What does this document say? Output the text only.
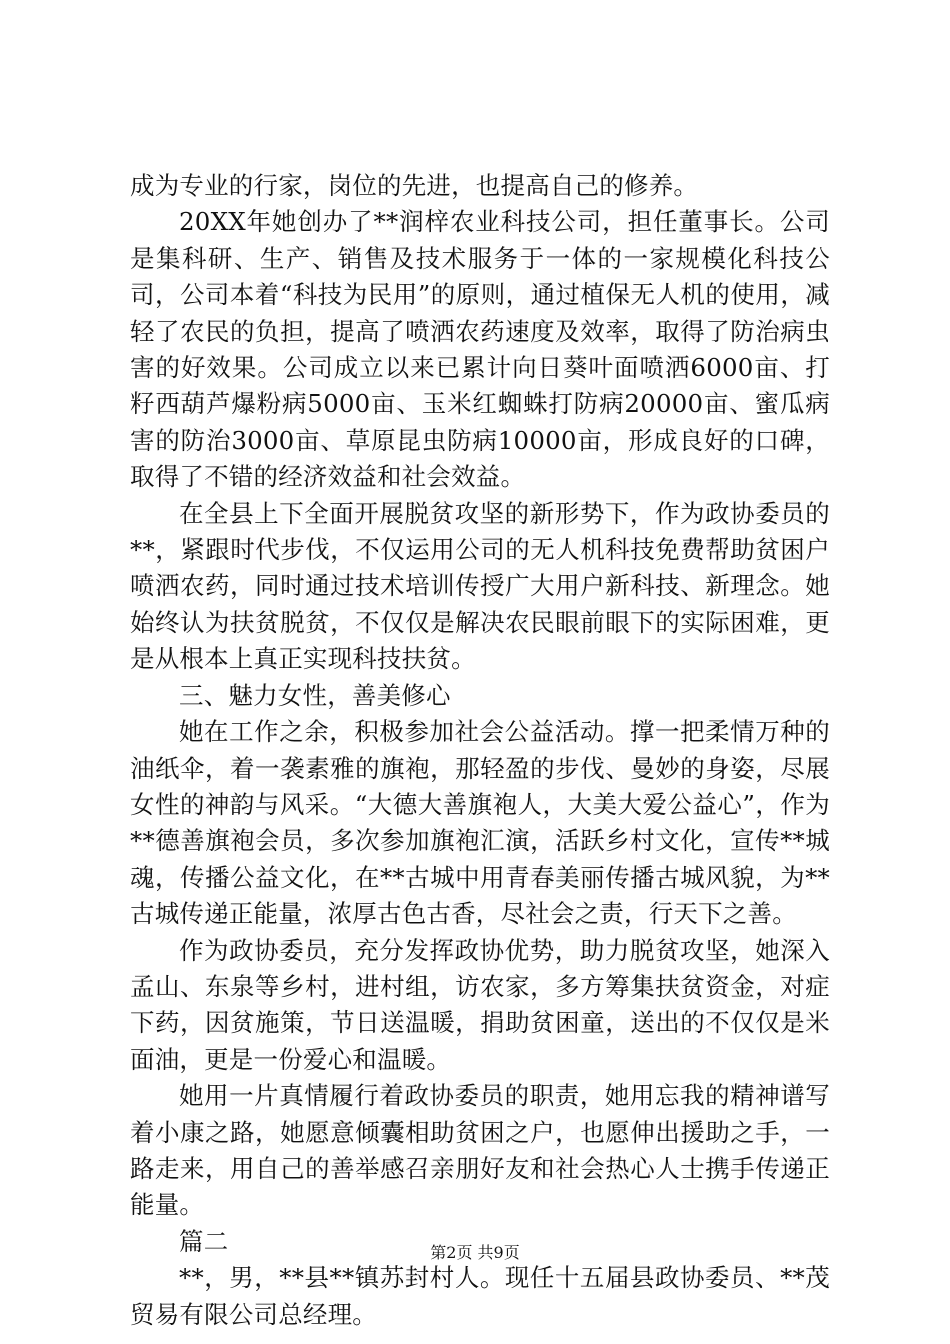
成为专业的行家，岗位的先进，也提高自己的修养。

20XX年她创办了**润梓农业科技公司，担任董事长。公司是集科研、生产、销售及技术服务于一体的一家规模化科技公司，公司本着“科技为民用”的原则，通过植保无人机的使用，减轻了农民的负担，提高了喷洒农药速度及效率，取得了防治病虫害的好效果。公司成立以来已累计向日葵叶面喷洒6000亩、打籽西葫芦爆粉病5000亩、玉米红蜘蛛打防病20000亩、蜜瓜病害的防治3000亩、草原昆虫防病10000亩，形成良好的口碑，取得了不错的经济效益和社会效益。

在全县上下全面开展脱贫攻坚的新形势下，作为政协委员的**，紧跟时代步伐，不仅运用公司的无人机科技免费帮助贫困户喷洒农药，同时通过技术培训传授广大用户新科技、新理念。她始终认为扶贫脱贫，不仅仅是解决农民眼前眼下的实际困难，更是从根本上真正实现科技扶贫。

三、魅力女性，善美修心

她在工作之余，积极参加社会公益活动。撑一把柔情万种的油纸伞，着一袭素雅的旗袍，那轻盈的步伐、曼妙的身姿，尽展女性的神韵与风采。“大德大善旗袍人，大美大爱公益心”，作为**德善旗袍会员，多次参加旗袍汇演，活跃乡村文化，宣传**城魂，传播公益文化，在**古城中用青春美丽传播古城风貌，为**古城传递正能量，浓厚古色古香，尽社会之责，行天下之善。

作为政协委员，充分发挥政协优势，助力脱贫攻坚，她深入孟山、东泉等乡村，进村组，访农家，多方筹集扶贫资金，对症下药，因贫施策，节日送温暖，捐助贫困童，送出的不仅仅是米面油，更是一份爱心和温暖。

她用一片真情履行着政协委员的职责，她用忘我的精神谱写着小康之路，她愿意倾囊相助贫困之户，也愿伸出援助之手，一路走来，用自己的善举感召亲朋好友和社会热心人士携手传递正能量。

篇二

**，男，**县**镇苏封村人。现任十五届县政协委员、**茂贸易有限公司总经理。

第2页 共9页
